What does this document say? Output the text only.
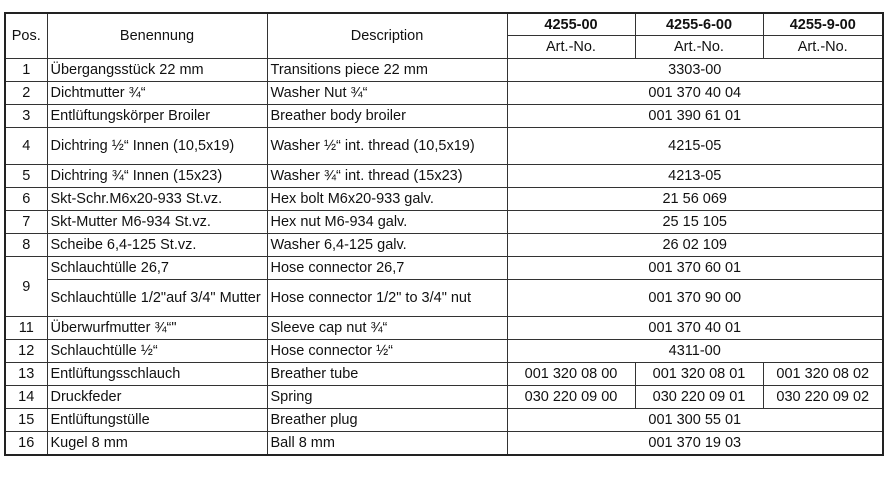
Pos.	Benennung	Description	4255-00	4255-6-00	4255-9-00
			Art.-No.	Art.-No.	Art.-No.
1	Übergangsstück 22 mm	Transitions piece 22 mm	3303-00		
2	Dichtmutter ¾“	Washer Nut ¾“	001 370 40 04		
3	Entlüftungskörper Broiler	Breather body broiler	001 390 61 01		
4	Dichtring ½“ Innen (10,5x19)	Washer ½“ int. thread (10,5x19)	4215-05		
5	Dichtring ¾“ Innen (15x23)	Washer ¾“ int. thread (15x23)	4213-05		
6	Skt-Schr.M6x20-933 St.vz.	Hex bolt M6x20-933 galv.	21 56 069		
7	Skt-Mutter M6-934 St.vz.	Hex nut M6-934 galv.	25 15 105		
8	Scheibe 6,4-125 St.vz.	Washer 6,4-125 galv.	26 02 109		
9	Schlauchtülle 26,7	Hose connector 26,7	001 370 60 01		
	Schlauchtülle 1/2"auf 3/4" Mutter	Hose connector 1/2" to 3/4" nut	001 370 90 00		
11	Überwurfmutter ¾“"	Sleeve cap nut ¾“	001 370 40 01		
12	Schlauchtülle ½“	Hose connector ½“	4311-00		
13	Entlüftungsschlauch	Breather tube	001 320 08 00	001 320 08 01	001 320 08 02
14	Druckfeder	Spring	030 220 09 00	030 220 09 01	030 220 09 02
15	Entlüftungstülle	Breather plug	001 300 55 01		
16	Kugel 8 mm	Ball 8 mm	001 370 19 03		
